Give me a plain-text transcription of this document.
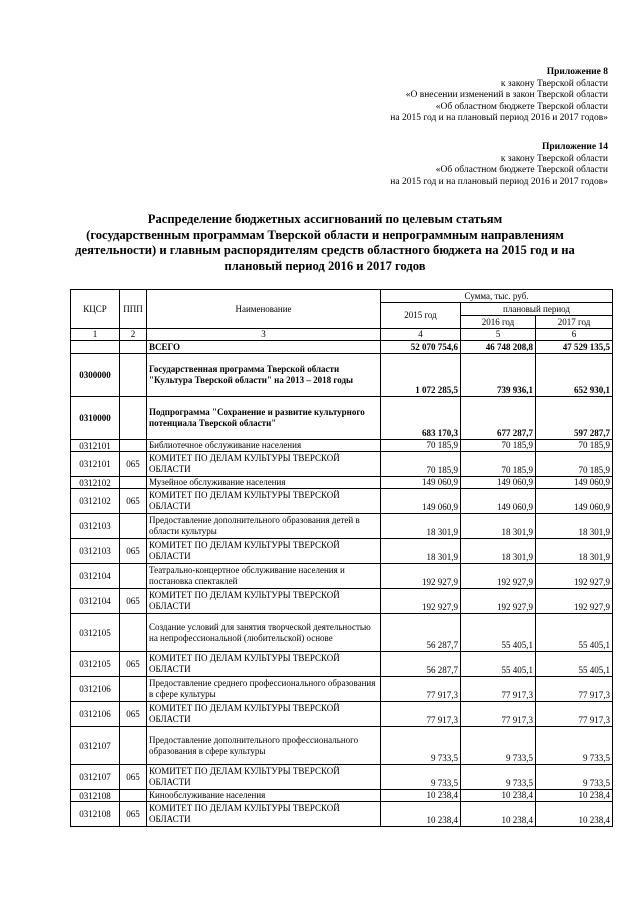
Приложение 8
к закону Тверской области
«О внесении изменений в закон Тверской области
«Об областном бюджете Тверской области
на 2015 год и на плановый период 2016 и 2017 годов»
Приложение 14
к закону Тверской области
«Об областном бюджете Тверской области
на 2015 год и на плановый период 2016 и 2017 годов»
Распределение бюджетных ассигнований по целевым статьям
(государственным программам Тверской области и непрограммным направлениям
деятельности) и главным распорядителям средств областного бюджета на 2015 год и на
плановый период 2016 и 2017 годов
КЦСР	ППП	Наименование	Сумма, тыс. руб.		
			2015 год	плановый период	
				2016 год	2017 год
1	2	3	4	5	6
		ВСЕГО	52 070 754,6	46 748 208,8	47 529 135,5
0300000		Государственная программа Тверской области "Культура Тверской области" на 2013 – 2018 годы	1 072 285,5	739 936,1	652 930,1
0310000		Подпрограмма "Сохранение и развитие культурного потенциала Тверской области"	683 170,3	677 287,7	597 287,7
0312101		Библиотечное обслуживание населения	70 185,9	70 185,9	70 185,9
0312101	065	КОМИТЕТ ПО ДЕЛАМ КУЛЬТУРЫ ТВЕРСКОЙ ОБЛАСТИ	70 185,9	70 185,9	70 185,9
0312102		Музейное обслуживание населения	149 060,9	149 060,9	149 060,9
0312102	065	КОМИТЕТ ПО ДЕЛАМ КУЛЬТУРЫ ТВЕРСКОЙ ОБЛАСТИ	149 060,9	149 060,9	149 060,9
0312103		Предоставление дополнительного образования детей в области культуры	18 301,9	18 301,9	18 301,9
0312103	065	КОМИТЕТ ПО ДЕЛАМ КУЛЬТУРЫ ТВЕРСКОЙ ОБЛАСТИ	18 301,9	18 301,9	18 301,9
0312104		Театрально-концертное обслуживание населения и постановка спектаклей	192 927,9	192 927,9	192 927,9
0312104	065	КОМИТЕТ ПО ДЕЛАМ КУЛЬТУРЫ ТВЕРСКОЙ ОБЛАСТИ	192 927,9	192 927,9	192 927,9
0312105		Создание условий для занятия творческой деятельностью на непрофессиональной (любительской) основе	56 287,7	55 405,1	55 405,1
0312105	065	КОМИТЕТ ПО ДЕЛАМ КУЛЬТУРЫ ТВЕРСКОЙ ОБЛАСТИ	56 287,7	55 405,1	55 405,1
0312106		Предоставление среднего профессионального образования в сфере культуры	77 917,3	77 917,3	77 917,3
0312106	065	КОМИТЕТ ПО ДЕЛАМ КУЛЬТУРЫ ТВЕРСКОЙ ОБЛАСТИ	77 917,3	77 917,3	77 917,3
0312107		Предоставление дополнительного профессионального образования в сфере культуры	9 733,5	9 733,5	9 733,5
0312107	065	КОМИТЕТ ПО ДЕЛАМ КУЛЬТУРЫ ТВЕРСКОЙ ОБЛАСТИ	9 733,5	9 733,5	9 733,5
0312108		Кинообслуживание населения	10 238,4	10 238,4	10 238,4
0312108	065	КОМИТЕТ ПО ДЕЛАМ КУЛЬТУРЫ ТВЕРСКОЙ ОБЛАСТИ	10 238,4	10 238,4	10 238,4
